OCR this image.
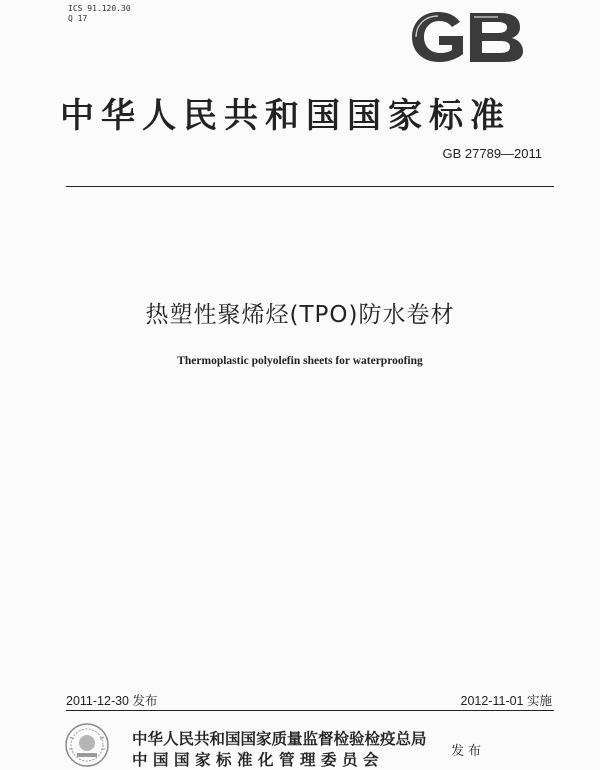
ICS 91.120.30
Q 17
中华人民共和国国家标准
GB 27789—2011
热塑性聚烯烃(TPO)防水卷材
Thermoplastic polyolefin sheets for waterproofing
2011-12-30 发布	2012-11-01 实施
中华人民共和国国家质量监督检验检疫总局
中国国家标准化管理委员会	发布
